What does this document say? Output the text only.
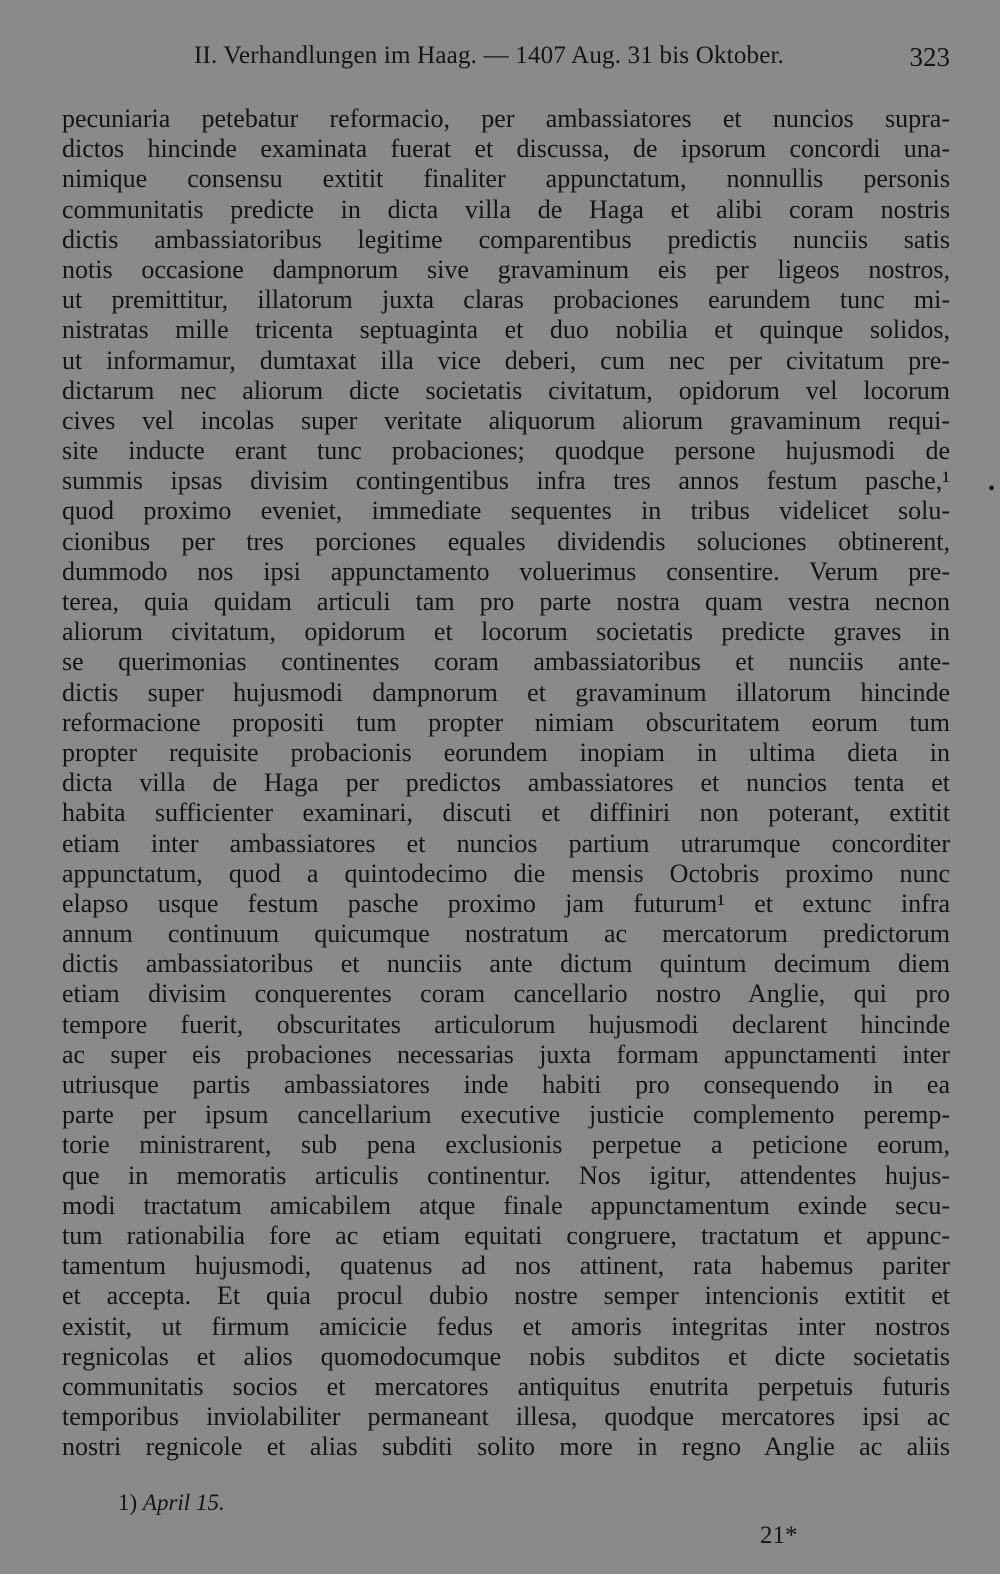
II. Verhandlungen im Haag. — 1407 Aug. 31 bis Oktober.	323
pecuniaria petebatur reformacio, per ambassiatores et nuncios supra-
dictos hincinde examinata fuerat et discussa, de ipsorum concordi una-
nimique consensu extitit finaliter appunctatum, nonnullis personis
communitatis predicte in dicta villa de Haga et alibi coram nostris
dictis ambassiatoribus legitime comparentibus predictis nunciis satis
notis occasione dampnorum sive gravaminum eis per ligeos nostros,
ut premittitur, illatorum juxta claras probaciones earundem tunc mi-
nistratas mille tricenta septuaginta et duo nobilia et quinque solidos,
ut informamur, dumtaxat illa vice deberi, cum nec per civitatum pre-
dictarum nec aliorum dicte societatis civitatum, opidorum vel locorum
cives vel incolas super veritate aliquorum aliorum gravaminum requi-
site inducte erant tunc probaciones; quodque persone hujusmodi de
summis ipsas divisim contingentibus infra tres annos festum pasche,¹
quod proximo eveniet, immediate sequentes in tribus videlicet solu-
cionibus per tres porciones equales dividendis soluciones obtinerent,
dummodo nos ipsi appunctamento voluerimus consentire. Verum pre-
terea, quia quidam articuli tam pro parte nostra quam vestra necnon
aliorum civitatum, opidorum et locorum societatis predicte graves in
se querimonias continentes coram ambassiatoribus et nunciis ante-
dictis super hujusmodi dampnorum et gravaminum illatorum hincinde
reformacione propositi tum propter nimiam obscuritatem eorum tum
propter requisite probacionis eorundem inopiam in ultima dieta in
dicta villa de Haga per predictos ambassiatores et nuncios tenta et
habita sufficienter examinari, discuti et diffiniri non poterant, extitit
etiam inter ambassiatores et nuncios partium utrarumque concorditer
appunctatum, quod a quintodecimo die mensis Octobris proximo nunc
elapso usque festum pasche proximo jam futurum¹ et extunc infra
annum continuum quicumque nostratum ac mercatorum predictorum
dictis ambassiatoribus et nunciis ante dictum quintum decimum diem
etiam divisim conquerentes coram cancellario nostro Anglie, qui pro
tempore fuerit, obscuritates articulorum hujusmodi declarent hincinde
ac super eis probaciones necessarias juxta formam appunctamenti inter
utriusque partis ambassiatores inde habiti pro consequendo in ea
parte per ipsum cancellarium executive justicie complemento peremp-
torie ministrarent, sub pena exclusionis perpetue a peticione eorum,
que in memoratis articulis continentur. Nos igitur, attendentes hujus-
modi tractatum amicabilem atque finale appunctamentum exinde secu-
tum rationabilia fore ac etiam equitati congruere, tractatum et appunc-
tamentum hujusmodi, quatenus ad nos attinent, rata habemus pariter
et accepta. Et quia procul dubio nostre semper intencionis extitit et
existit, ut firmum amicicie fedus et amoris integritas inter nostros
regnicolas et alios quomodocumque nobis subditos et dicte societatis
communitatis socios et mercatores antiquitus enutrita perpetuis futuris
temporibus inviolabiliter permaneant illesa, quodque mercatores ipsi ac
nostri regnicole et alias subditi solito more in regno Anglie ac aliis
•
1) April 15.
21*
